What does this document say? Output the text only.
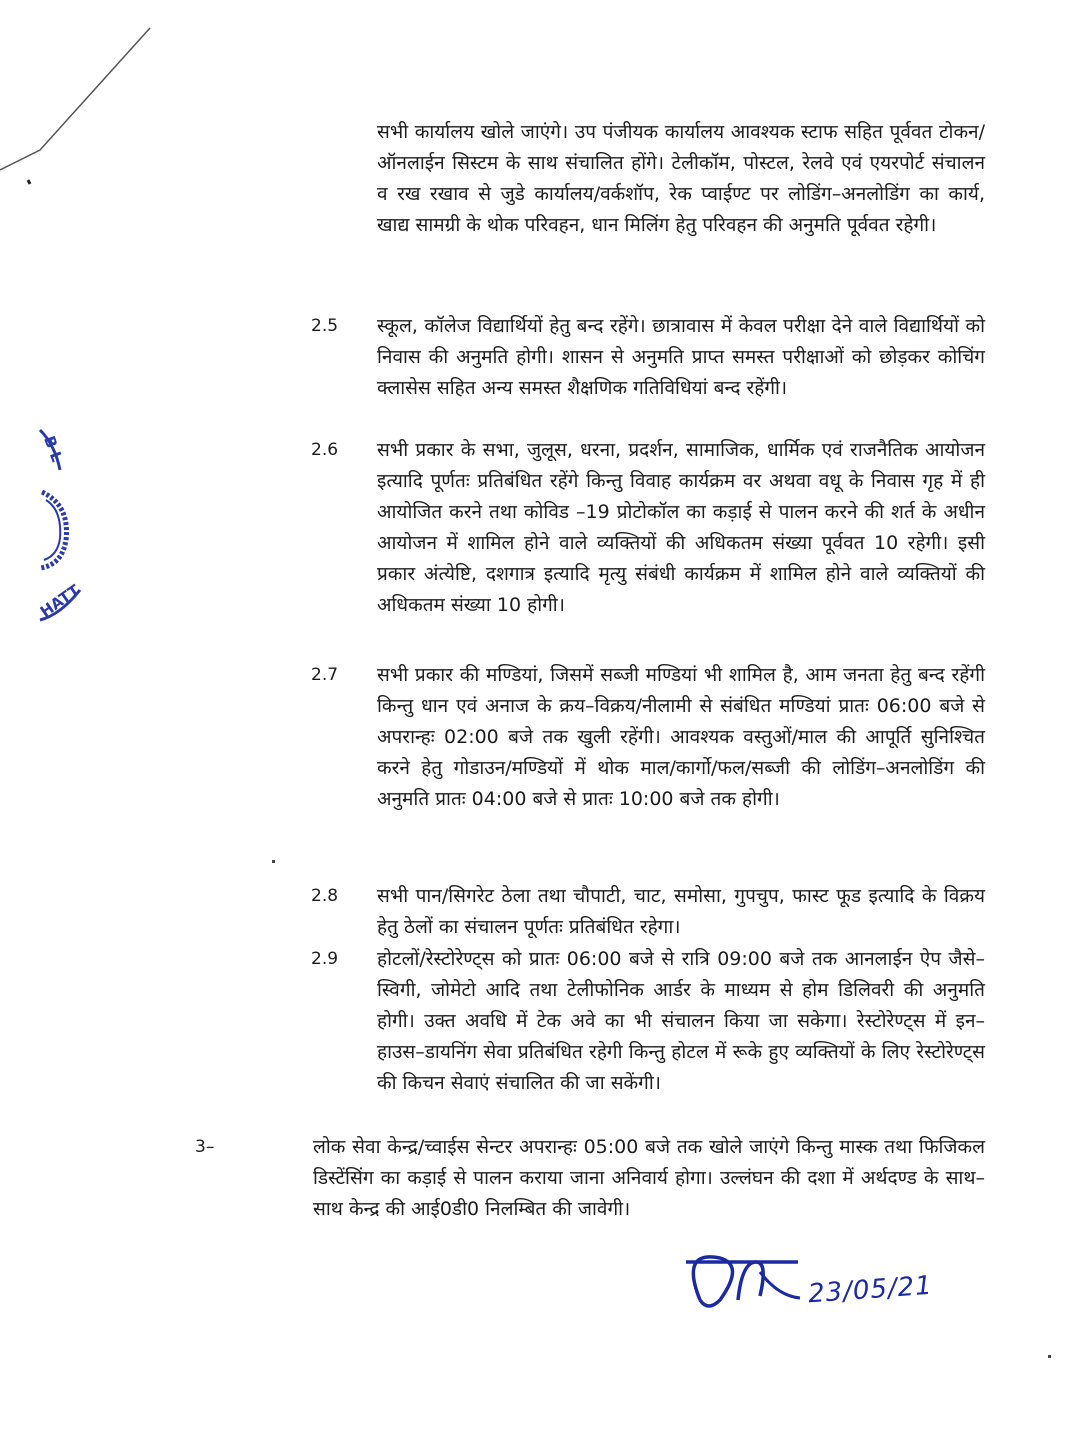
B L
HATT
सभी कार्यालय खोले जाएंगे। उप पंजीयक कार्यालय आवश्यक स्टाफ सहित पूर्ववत टोकन/ऑनलाईन सिस्टम के साथ संचालित होंगे। टेलीकॉम, पोस्टल, रेलवे एवं एयरपोर्ट संचालन व रख रखाव से जुडे कार्यालय/वर्कशॉप, रेक प्वाईण्ट पर लोडिंग–अनलोडिंग का कार्य, खाद्य सामग्री के थोक परिवहन, धान मिलिंग हेतु परिवहन की अनुमति पूर्ववत रहेगी।
2.5 स्कूल, कॉलेज विद्यार्थियों हेतु बन्द रहेंगे। छात्रावास में केवल परीक्षा देने वाले विद्यार्थियों को निवास की अनुमति होगी। शासन से अनुमति प्राप्त समस्त परीक्षाओं को छोड़कर कोचिंग क्लासेस सहित अन्य समस्त शैक्षणिक गतिविधियां बन्द रहेंगी।
2.6 सभी प्रकार के सभा, जुलूस, धरना, प्रदर्शन, सामाजिक, धार्मिक एवं राजनैतिक आयोजन इत्यादि पूर्णतः प्रतिबंधित रहेंगे किन्तु विवाह कार्यक्रम वर अथवा वधू के निवास गृह में ही आयोजित करने तथा कोविड –19 प्रोटोकॉल का कड़ाई से पालन करने की शर्त के अधीन आयोजन में शामिल होने वाले व्यक्तियों की अधिकतम संख्या पूर्ववत 10 रहेगी। इसी प्रकार अंत्येष्टि, दशगात्र इत्यादि मृत्यु संबंधी कार्यक्रम में शामिल होने वाले व्यक्तियों की अधिकतम संख्या 10 होगी।
2.7 सभी प्रकार की मण्डियां, जिसमें सब्जी मण्डियां भी शामिल है, आम जनता हेतु बन्द रहेंगी किन्तु धान एवं अनाज के क्रय–विक्रय/नीलामी से संबंधित मण्डियां प्रातः 06:00 बजे से अपरान्हः 02:00 बजे तक खुली रहेंगी। आवश्यक वस्तुओं/माल की आपूर्ति सुनिश्चित करने हेतु गोडाउन/मण्डियों में थोक माल/कार्गो/फल/सब्जी की लोडिंग–अनलोडिंग की अनुमति प्रातः 04:00 बजे से प्रातः 10:00 बजे तक होगी।
2.8 सभी पान/सिगरेट ठेला तथा चौपाटी, चाट, समोसा, गुपचुप, फास्ट फूड इत्यादि के विक्रय हेतु ठेलों का संचालन पूर्णतः प्रतिबंधित रहेगा।
2.9 होटलों/रेस्टोरेण्ट्स को प्रातः 06:00 बजे से रात्रि 09:00 बजे तक आनलाईन ऐप जैसे– स्विगी, जोमेटो आदि तथा टेलीफोनिक आर्डर के माध्यम से होम डिलिवरी की अनुमति होगी। उक्त अवधि में टेक अवे का भी संचालन किया जा सकेगा। रेस्टोरेण्ट्स में इन–हाउस–डायनिंग सेवा प्रतिबंधित रहेगी किन्तु होटल में रूके हुए व्यक्तियों के लिए रेस्टोरेण्ट्स की किचन सेवाएं संचालित की जा सकेंगी।
3–	लोक सेवा केन्द्र/च्वाईस सेन्टर अपरान्हः 05:00 बजे तक खोले जाएंगे किन्तु मास्क तथा फिजिकल डिस्टेंसिंग का कड़ाई से पालन कराया जाना अनिवार्य होगा। उल्लंघन की दशा में अर्थदण्ड के साथ–साथ केन्द्र की आई0डी0 निलम्बित की जावेगी।
23/05/21
